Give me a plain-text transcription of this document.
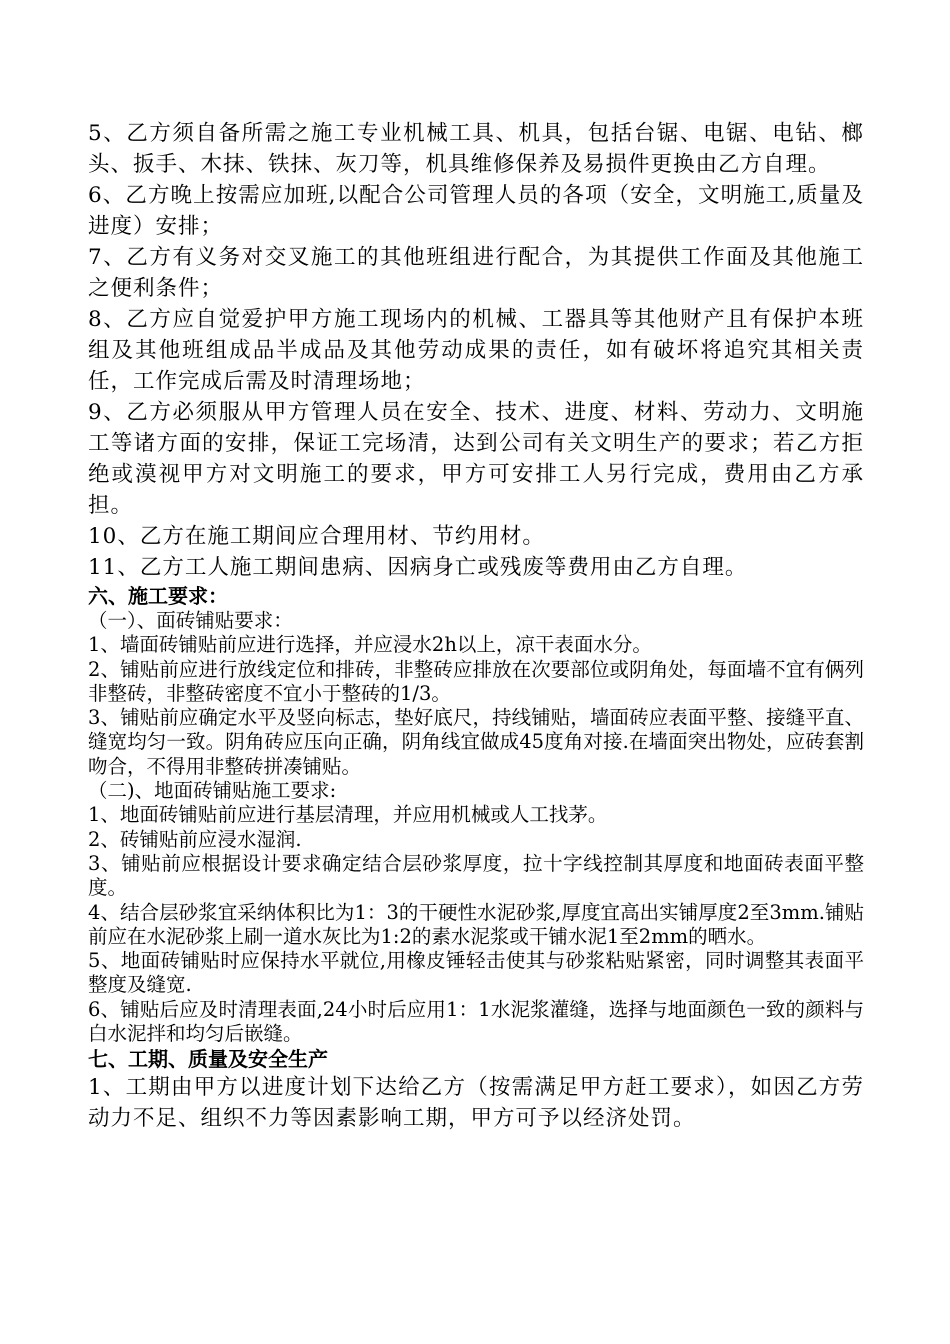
5、乙方须自备所需之施工专业机械工具、机具，包括台锯、电锯、电钻、榔头、扳手、木抹、铁抹、灰刀等，机具维修保养及易损件更换由乙方自理。

6、乙方晚上按需应加班,以配合公司管理人员的各项（安全，文明施工,质量及进度）安排；

7、乙方有义务对交叉施工的其他班组进行配合，为其提供工作面及其他施工之便利条件；

8、乙方应自觉爱护甲方施工现场内的机械、工器具等其他财产且有保护本班组及其他班组成品半成品及其他劳动成果的责任，如有破坏将追究其相关责任，工作完成后需及时清理场地；

9、乙方必须服从甲方管理人员在安全、技术、进度、材料、劳动力、文明施工等诸方面的安排，保证工完场清，达到公司有关文明生产的要求；若乙方拒绝或漠视甲方对文明施工的要求，甲方可安排工人另行完成，费用由乙方承担。

10、乙方在施工期间应合理用材、节约用材。

11、乙方工人施工期间患病、因病身亡或残废等费用由乙方自理。

六、施工要求：

（一）、面砖铺贴要求：

1、墙面砖铺贴前应进行选择，并应浸水2h以上，凉干表面水分。

2、铺贴前应进行放线定位和排砖，非整砖应排放在次要部位或阴角处，每面墙不宜有俩列非整砖，非整砖密度不宜小于整砖的1/3。

3、铺贴前应确定水平及竖向标志，垫好底尺，持线铺贴，墙面砖应表面平整、接缝平直、缝宽均匀一致。阴角砖应压向正确，阴角线宜做成45度角对接.在墙面突出物处，应砖套割吻合，不得用非整砖拼凑铺贴。

（二)、地面砖铺贴施工要求:

1、地面砖铺贴前应进行基层清理，并应用机械或人工找茅。

2、砖铺贴前应浸水湿润.

3、铺贴前应根据设计要求确定结合层砂浆厚度，拉十字线控制其厚度和地面砖表面平整度。

4、结合层砂浆宜采纳体积比为1：3的干硬性水泥砂浆,厚度宜高出实铺厚度2至3mm.铺贴前应在水泥砂浆上刷一道水灰比为1:2的素水泥浆或干铺水泥1至2mm的晒水。

5、地面砖铺贴时应保持水平就位,用橡皮锤轻击使其与砂浆粘贴紧密，同时调整其表面平整度及缝宽.

6、铺贴后应及时清理表面,24小时后应用1：1水泥浆灌缝，选择与地面颜色一致的颜料与白水泥拌和均匀后嵌缝。

七、工期、质量及安全生产

1、工期由甲方以进度计划下达给乙方（按需满足甲方赶工要求），如因乙方劳动力不足、组织不力等因素影响工期，甲方可予以经济处罚。
